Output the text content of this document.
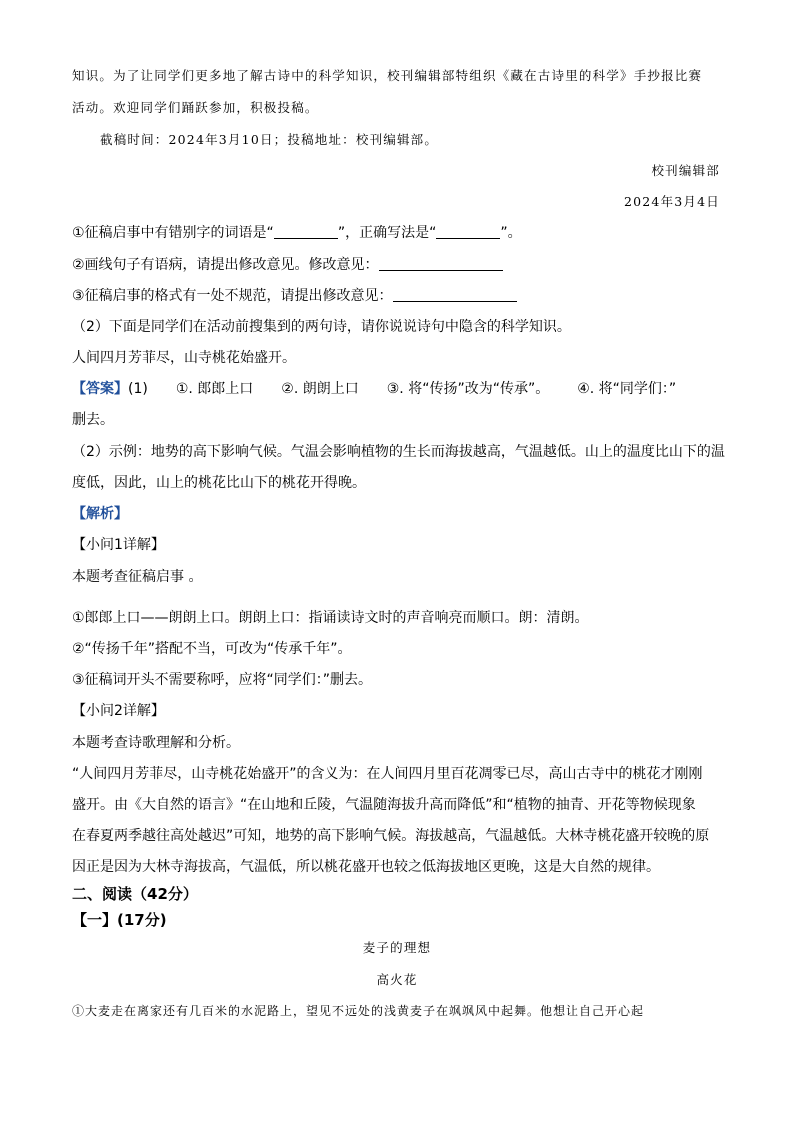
知识。为了让同学们更多地了解古诗中的科学知识，校刊编辑部特组织《藏在古诗里的科学》手抄报比赛
活动。欢迎同学们踊跃参加，积极投稿。
截稿时间：2024年3月10日；投稿地址：校刊编辑部。
校刊编辑部
2024年3月4日
①征稿启事中有错别字的词语是“	”，正确写法是“	”。
②画线句子有语病，请提出修改意见。修改意见：
③征稿启事的格式有一处不规范，请提出修改意见：
（2）下面是同学们在活动前搜集到的两句诗，请你说说诗句中隐含的科学知识。
人间四月芳菲尽，山寺桃花始盛开。
【答案】(1) ①. 郎郎上口 ②. 朗朗上口 ③. 将“传扬”改为“传承”。 ④. 将“同学们：”
删去。
（2）示例：地势的高下影响气候。气温会影响植物的生长而海拔越高，气温越低。山上的温度比山下的温
度低，因此，山上的桃花比山下的桃花开得晚。
【解析】
【小问1详解】
本题考查征稿启事 。
①郎郎上口——朗朗上口。朗朗上口：指诵读诗文时的声音响亮而顺口。朗：清朗。
②“传扬千年”搭配不当，可改为“传承千年”。
③征稿词开头不需要称呼，应将“同学们：”删去。
【小问2详解】
本题考查诗歌理解和分析。
“人间四月芳菲尽，山寺桃花始盛开”的含义为：在人间四月里百花凋零已尽，高山古寺中的桃花才刚刚
盛开。由《大自然的语言》“在山地和丘陵，气温随海拔升高而降低”和“植物的抽青、开花等物候现象
在春夏两季越往高处越迟”可知，地势的高下影响气候。海拔越高，气温越低。大林寺桃花盛开较晚的原
因正是因为大林寺海拔高，气温低，所以桃花盛开也较之低海拔地区更晚，这是大自然的规律。
二、阅读（42分）
【一】(17分)
麦子的理想
高火花
①大麦走在离家还有几百米的水泥路上，望见不远处的浅黄麦子在飒飒风中起舞。他想让自己开心起
